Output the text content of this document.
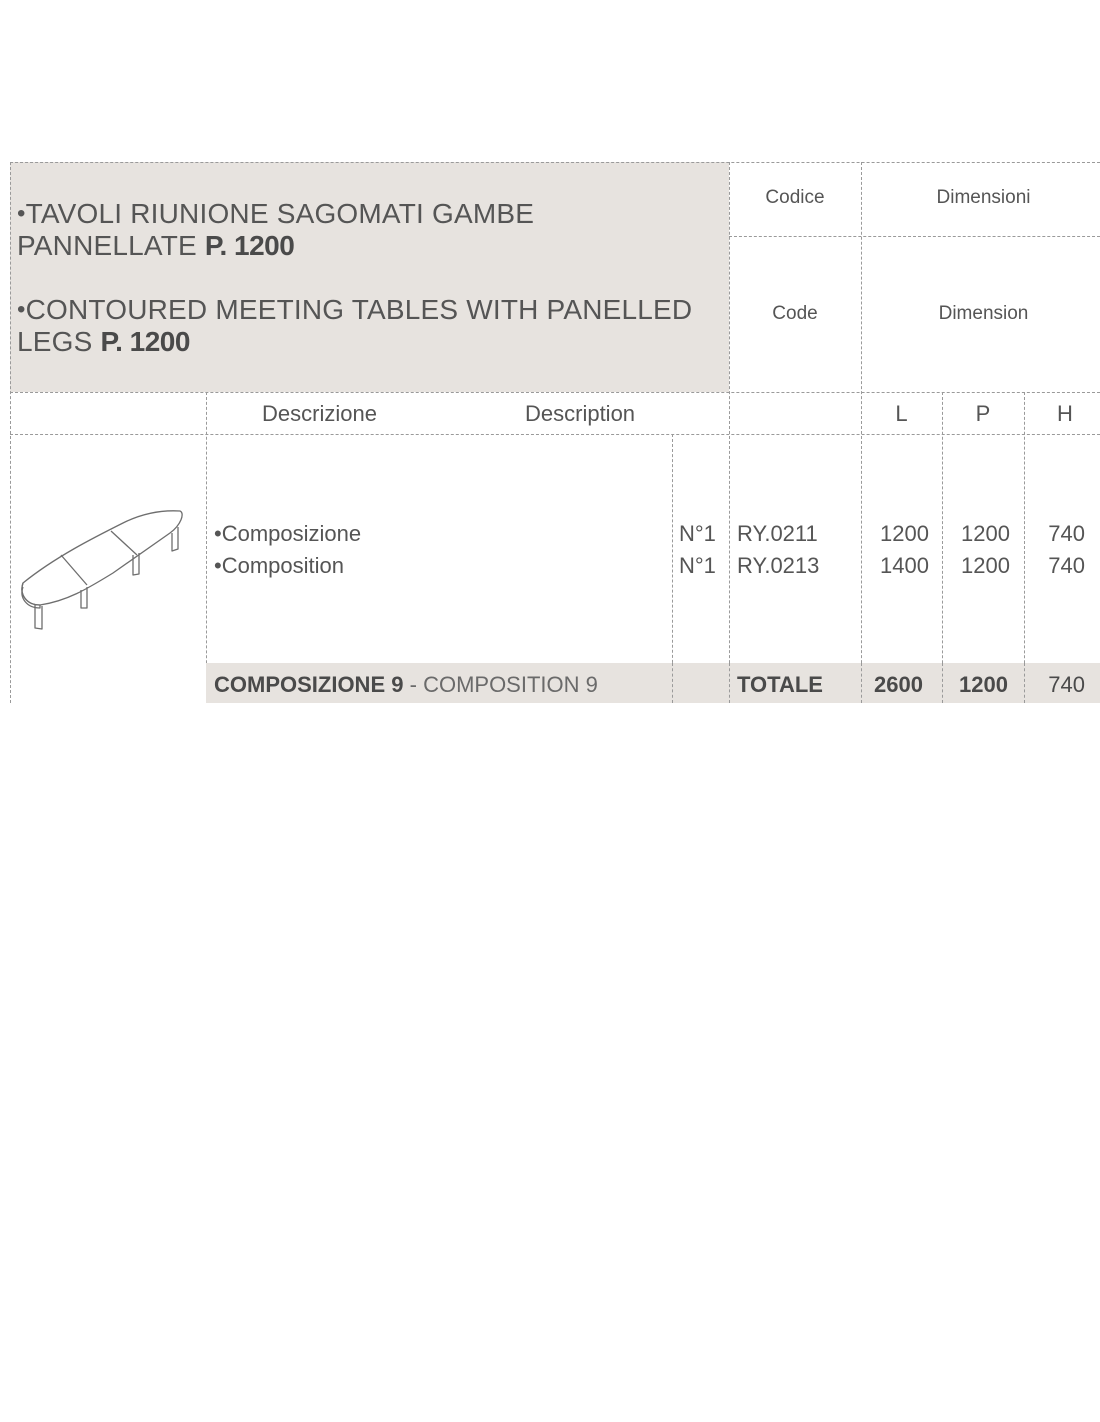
•TAVOLI RIUNIONE SAGOMATI GAMBE PANNELLATE P. 1200

•CONTOURED MEETING TABLES WITH PANELLED LEGS P. 1200

Codice	Dimensioni
Code	Dimension
Descrizione	Description	L	P	H
•Composizione	N°1 RY.0211	1200	1200	740
•Composition	N°1 RY.0213	1400	1200	740
COMPOSIZIONE 9 - COMPOSITION 9	TOTALE	2600	1200	740
